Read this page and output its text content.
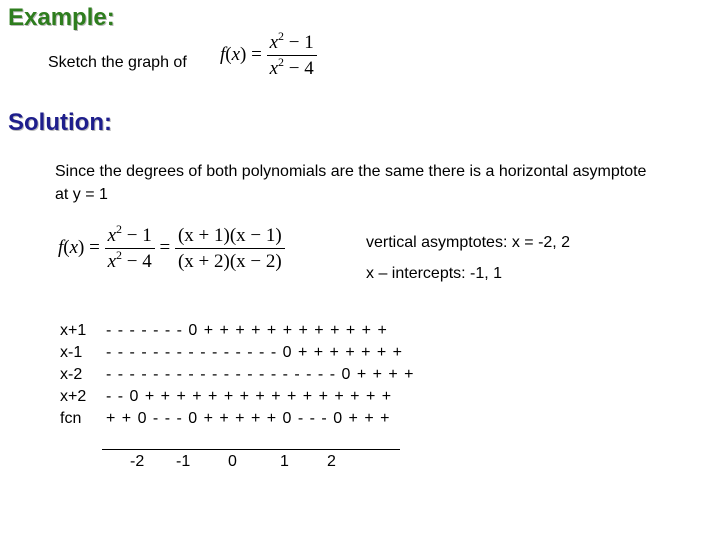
Example:
Sketch the graph of $f(x) = \frac{x^2 - 1}{x^2 - 4}$
Solution:
Since the degrees of both polynomials are the same there is a horizontal asymptote at y = 1
$f(x) = \frac{x^2 - 1}{x^2 - 4} = \frac{(x + 1)(x - 1)}{(x + 2)(x - 2)}$	vertical asymptotes: x = -2, 2
x – intercepts: -1, 1
x+1	- - - - - - - 0 + + + + + + + + + + + +
x-1	- - - - - - - - - - - - - - - 0 + + + + + + +
x-2	- - - - - - - - - - - - - - - - - - - - 0 + + + +
x+2	- - 0 + + + + + + + + + + + + + + + +
fcn	+ + 0 - - - 0 + + + + + 0 - - - 0 + + +
-2 -1 0	1 2
